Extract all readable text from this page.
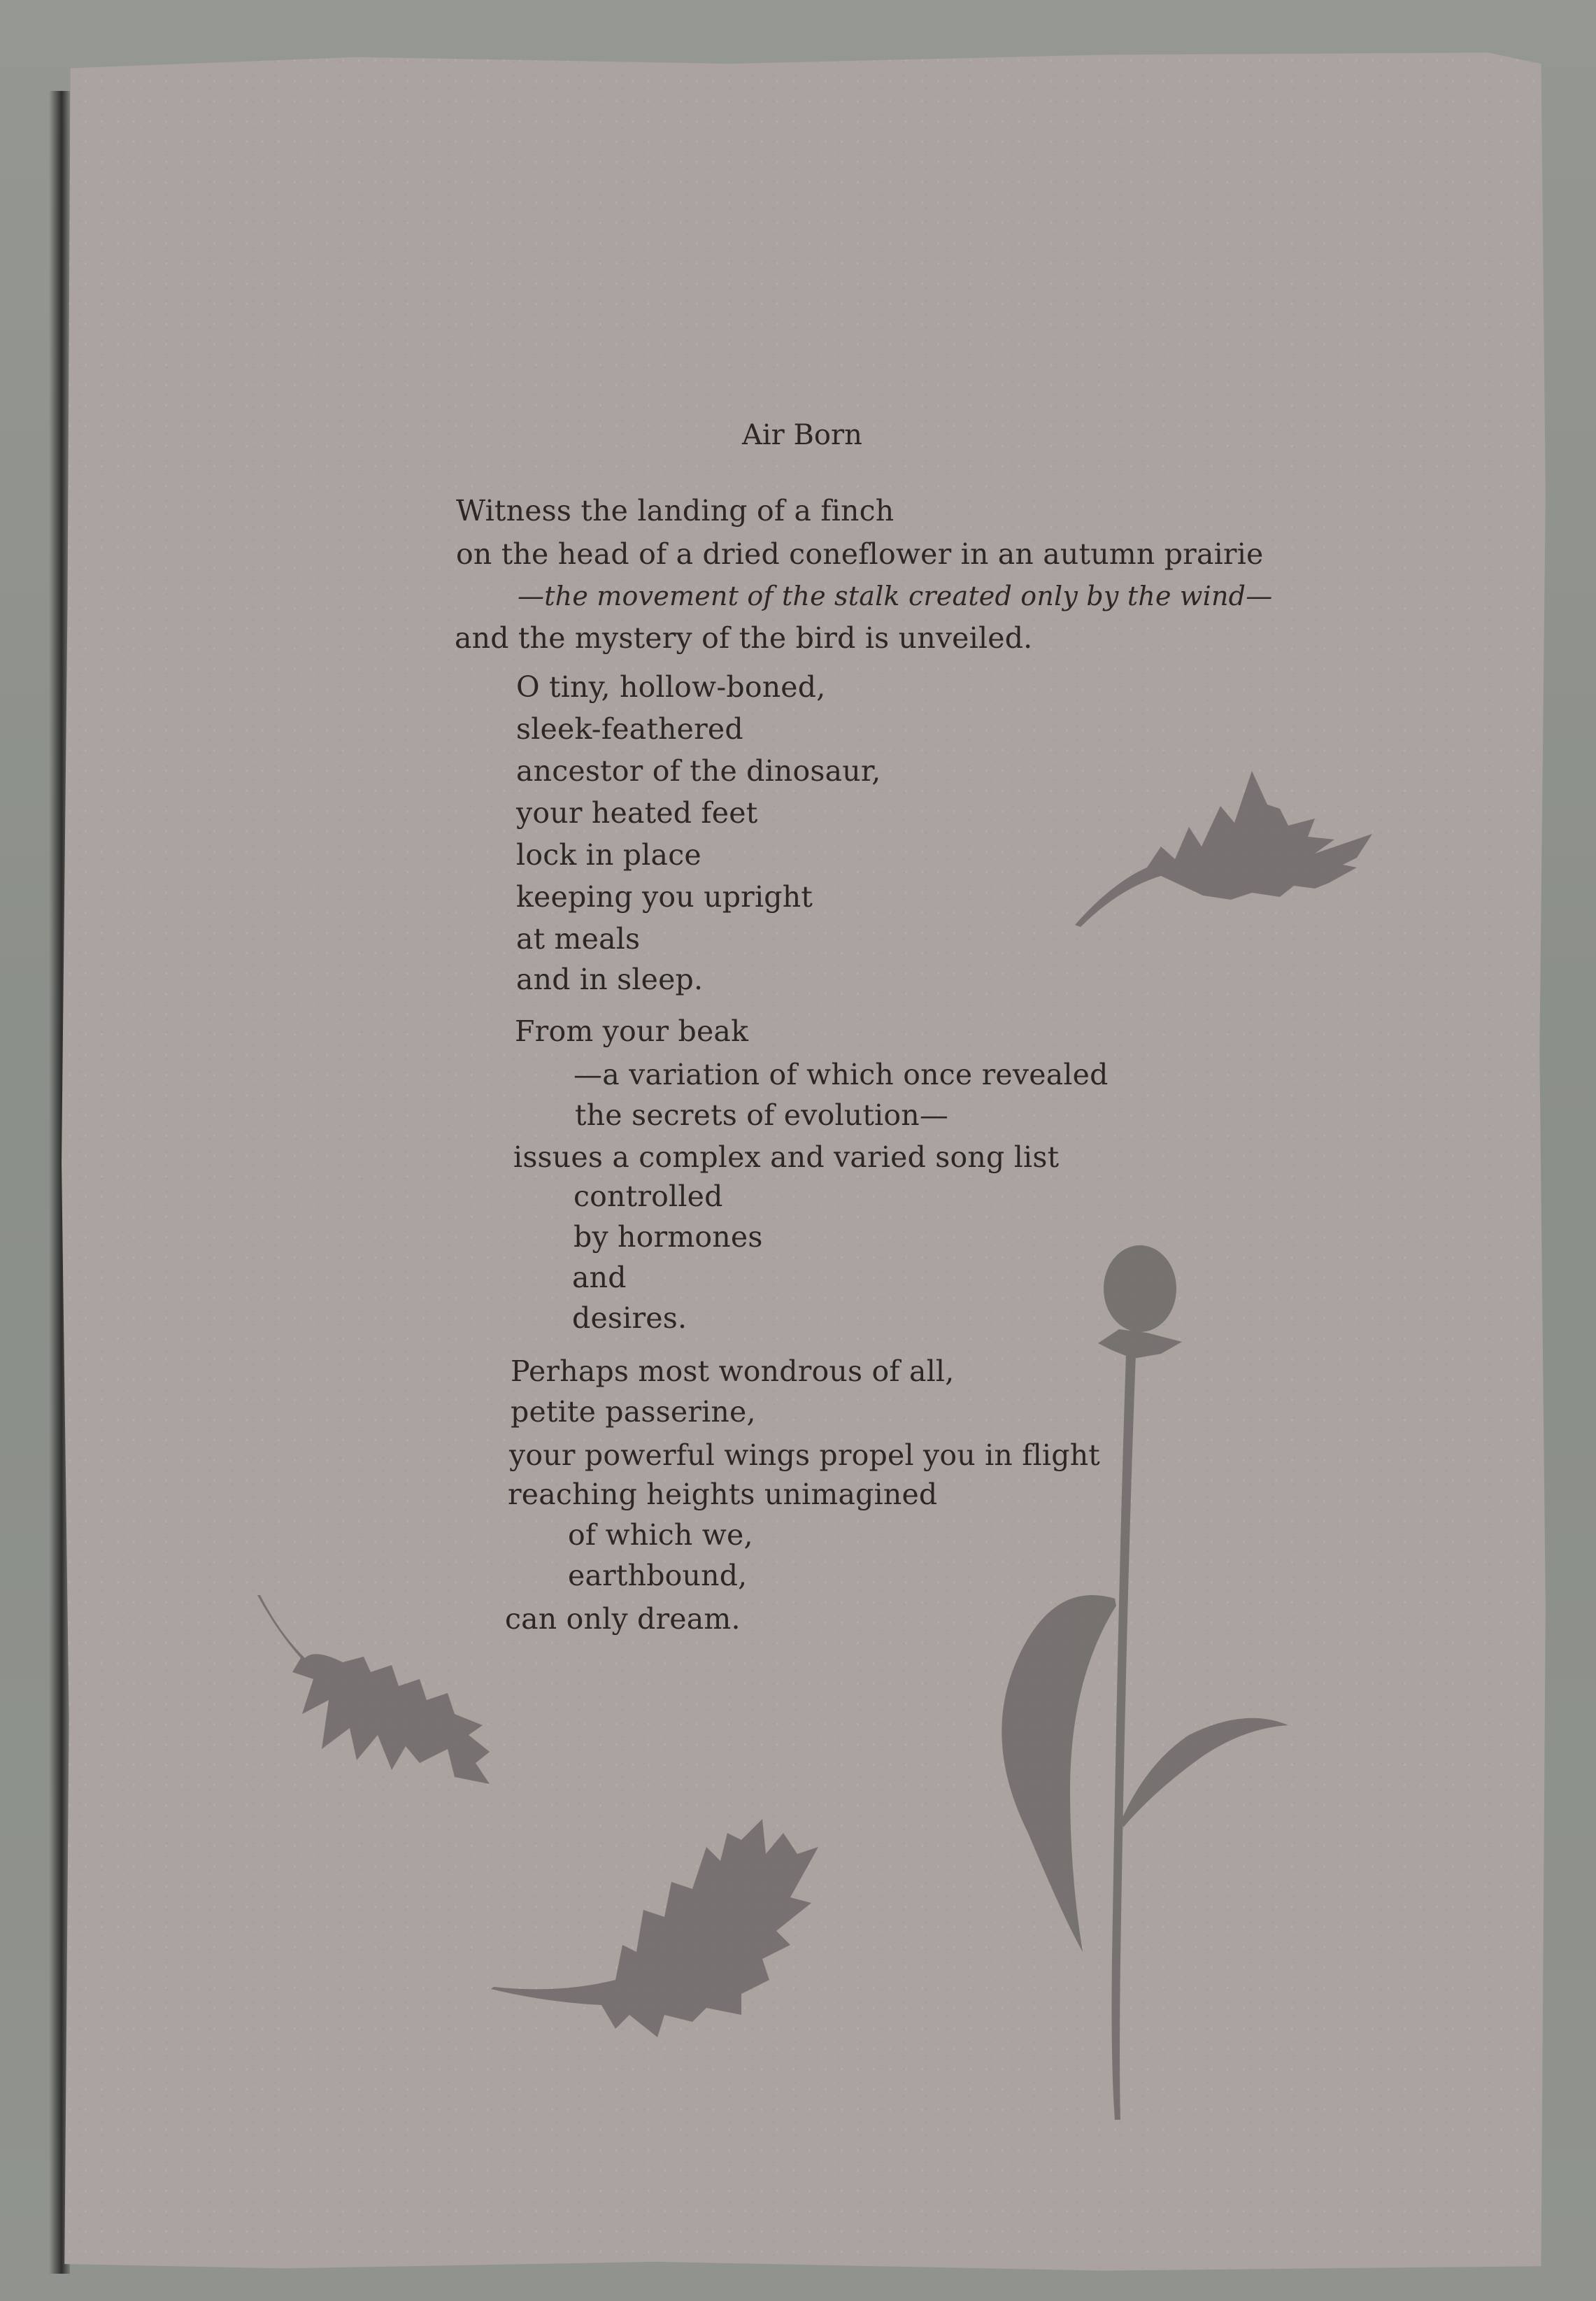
Air Born
Witness the landing of a finch
on the head of a dried coneflower in an autumn prairie
—the movement of the stalk created only by the wind—
and the mystery of the bird is unveiled.
O tiny, hollow-boned,
sleek-feathered
ancestor of the dinosaur,
your heated feet
lock in place
keeping you upright
at meals
and in sleep.
From your beak
—a variation of which once revealed
the secrets of evolution—
issues a complex and varied song list
controlled
by hormones
and
desires.
Perhaps most wondrous of all,
petite passerine,
your powerful wings propel you in flight
reaching heights unimagined
of which we,
earthbound,
can only dream.
